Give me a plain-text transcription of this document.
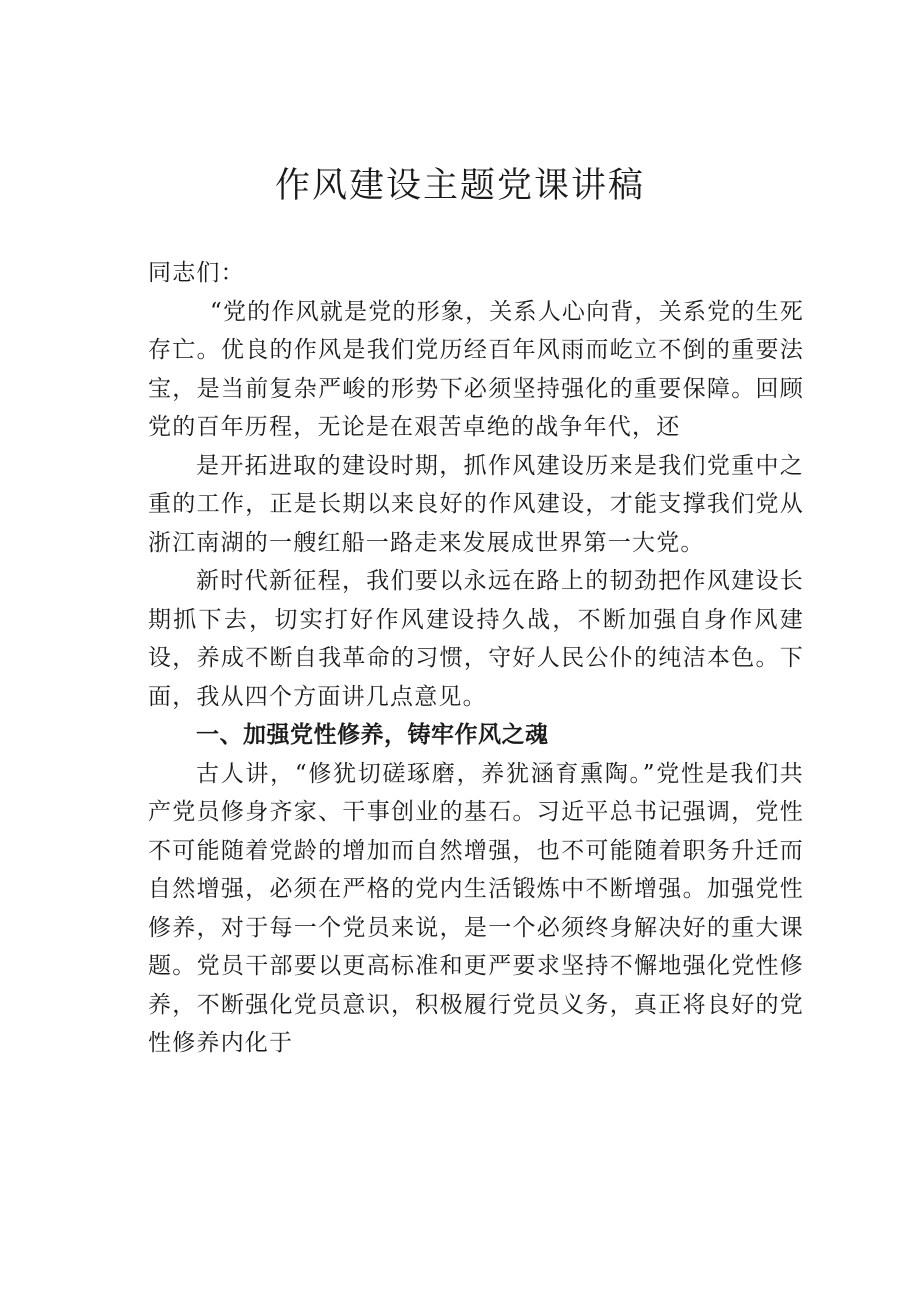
作风建设主题党课讲稿

同志们：

“党的作风就是党的形象，关系人心向背，关系党的生死存亡。优良的作风是我们党历经百年风雨而屹立不倒的重要法宝，是当前复杂严峻的形势下必须坚持强化的重要保障。回顾党的百年历程，无论是在艰苦卓绝的战争年代，还

是开拓进取的建设时期，抓作风建设历来是我们党重中之重的工作，正是长期以来良好的作风建设，才能支撑我们党从浙江南湖的一艘红船一路走来发展成世界第一大党。

新时代新征程，我们要以永远在路上的韧劲把作风建设长期抓下去，切实打好作风建设持久战，不断加强自身作风建设，养成不断自我革命的习惯，守好人民公仆的纯洁本色。下面，我从四个方面讲几点意见。

一、加强党性修养，铸牢作风之魂

古人讲，“修犹切磋琢磨，养犹涵育熏陶。”党性是我们共产党员修身齐家、干事创业的基石。习近平总书记强调，党性不可能随着党龄的增加而自然增强，也不可能随着职务升迁而自然增强，必须在严格的党内生活锻炼中不断增强。加强党性修养，对于每一个党员来说，是一个必须终身解决好的重大课题。党员干部要以更高标准和更严要求坚持不懈地强化党性修养，不断强化党员意识，积极履行党员义务，真正将良好的党性修养内化于
